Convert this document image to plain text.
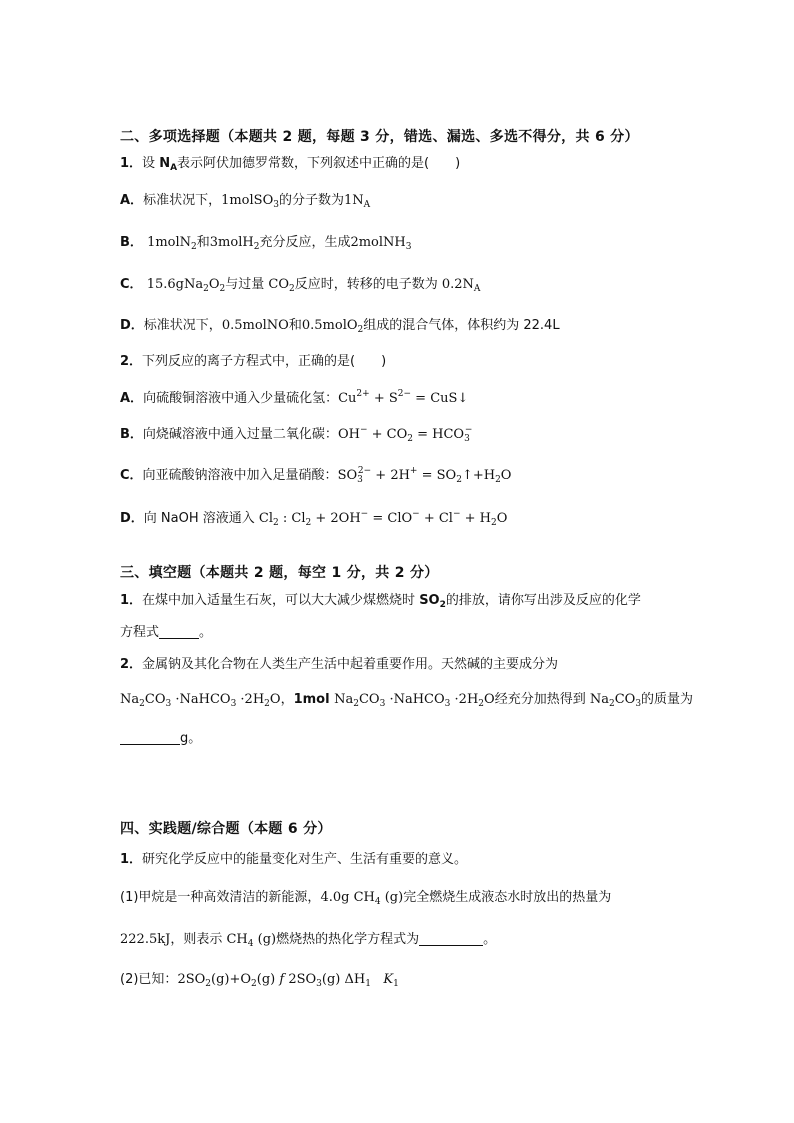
二、多项选择题（本题共 2 题，每题 3 分，错选、漏选、多选不得分，共 6 分）
1．设 $N_A$表示阿伏加德罗常数，下列叙述中正确的是(　　)
A．标准状况下，1molSO$_3$的分子数为$1N_A$
B． 1molN$_2$和3molH$_2$充分反应，生成2molNH$_3$
C． $15.6gNa_2O_2$与过量 $CO_2$反应时，转移的电子数为 $0.2N_A$
D．标准状况下，0.5molNO和0.5molO$_2$组成的混合气体，体积约为 22.4L
2．下列反应的离子方程式中，正确的是(　　)
A．向硫酸铜溶液中通入少量硫化氢：$Cu^{2+} + S^{2-}$ = CuS↓
B．向烧碱溶液中通入过量二氧化碳：$OH^- + CO_2 = HCO_3^-$
C．向亚硫酸钠溶液中加入足量硝酸：$SO_3^{2-} + 2H^+$ = $SO_2↑+H_2O$
D．向 NaOH 溶液通入 $Cl_2$ : $Cl_2 + 2OH^- = ClO^- + Cl^- + H_2O$
三、填空题（本题共 2 题，每空 1 分，共 2 分）
1．在煤中加入适量生石灰，可以大大减少煤燃烧时 $SO_2$的排放，请你写出涉及反应的化学
方程式	。
2．金属钠及其化合物在人类生产生活中起着重要作用。天然碱的主要成分为
$Na_2CO_3$ ·NaHCO$_3$ $\cdot 2H_2O$，1mol $Na_2CO_3$ ·NaHCO$_3$ $\cdot 2H_2O$经充分加热得到 $Na_2CO_3$的质量为
g。
四、实践题/综合题（本题 6 分）
1．研究化学反应中的能量变化对生产、生活有重要的意义。
(1)甲烷是一种高效清洁的新能源，4.0g $CH_4$ (g)完全燃烧生成液态水时放出的热量为
222.5kJ，则表示 $CH_4$ (g)燃烧热的热化学方程式为	。
(2)已知：$2SO_2(g)+O_2(g)$ f $2SO_3(g)$ $\Delta H_1$ $K_1$
